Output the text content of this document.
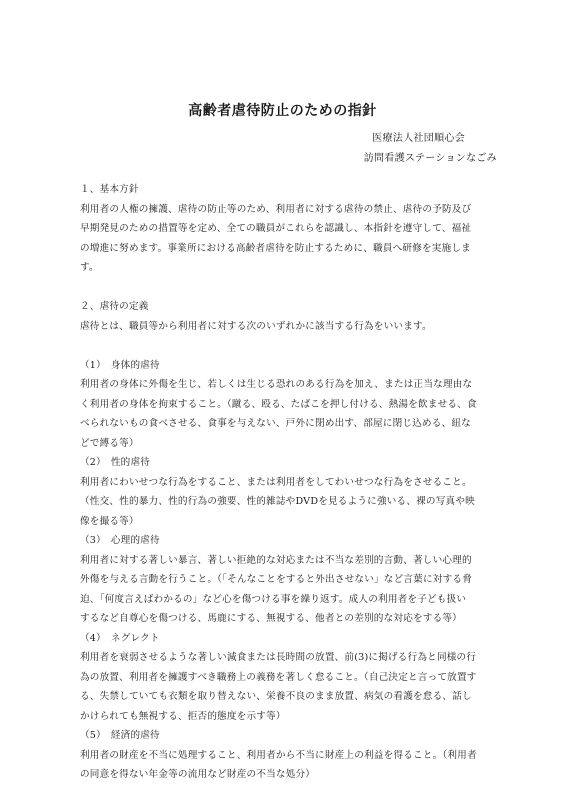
高齢者虐待防止のための指針
医療法人社団順心会
訪問看護ステーションなごみ
１、基本方針
利用者の人権の擁護、虐待の防止等のため、利用者に対する虐待の禁止、虐待の予防及び
早期発見のための措置等を定め、全ての職員がこれらを認識し、本指針を遵守して、福祉
の増進に努めます。事業所における高齢者虐待を防止するために、職員へ研修を実施しま
す。
２、虐待の定義
虐待とは、職員等から利用者に対する次のいずれかに該当する行為をいいます。
（1）　身体的虐待
利用者の身体に外傷を生じ、若しくは生じる恐れのある行為を加え、または正当な理由な
く利用者の身体を拘束すること。（蹴る、殴る、たばこを押し付ける、熱湯を飲ませる、食
べられないもの食べさせる、食事を与えない、戸外に閉め出す、部屋に閉じ込める、紐な
どで縛る等）
（2）　性的虐待
利用者にわいせつな行為をすること、または利用者をしてわいせつな行為をさせること。
（性交、性的暴力、性的行為の強要、性的雑誌やDVDを見るように強いる、裸の写真や映
像を撮る等）
（3）　心理的虐待
利用者に対する著しい暴言、著しい拒絶的な対応または不当な差別的言動、著しい心理的
外傷を与える言動を行うこと。（「そんなことをすると外出させない」など言葉に対する脅
迫、「何度言えばわかるの」など心を傷つける事を繰り返す。成人の利用者を子ども扱い
するなど自尊心を傷つける、馬鹿にする、無視する、他者との差別的な対応をする等）
（4）　ネグレクト
利用者を衰弱させるような著しい減食または長時間の放置、前(3)に掲げる行為と同様の行
為の放置、利用者を擁護すべき職務上の義務を著しく怠ること。（自己決定と言って放置す
る、失禁していても衣類を取り替えない、栄養不良のまま放置、病気の看護を怠る、話し
かけられても無視する、拒否的態度を示す等）
（5）　経済的虐待
利用者の財産を不当に処理すること、利用者から不当に財産上の利益を得ること。（利用者
の同意を得ない年金等の流用など財産の不当な処分）
